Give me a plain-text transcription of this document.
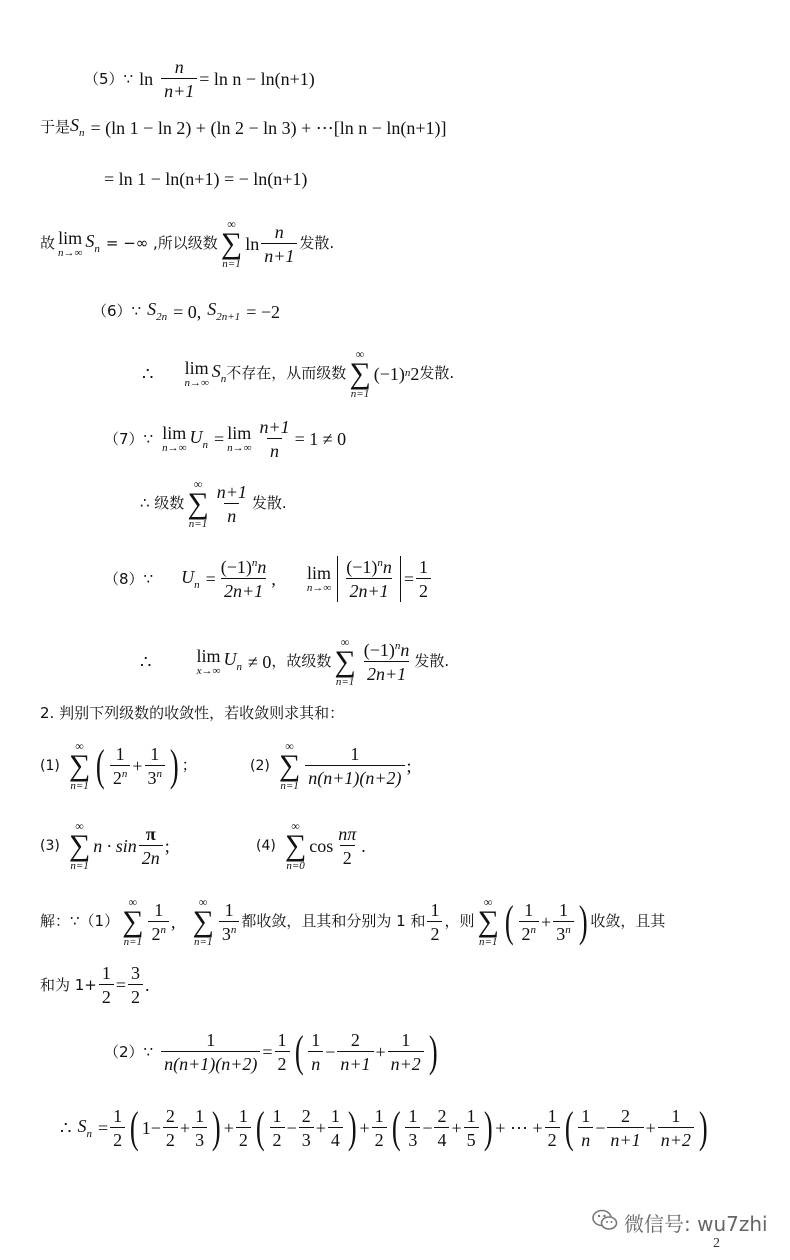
（5）∵ $\ln \frac{n}{n+1} = \ln n - \ln(n+1)$
于是 $S_n = (\ln$ 1 − ln 2) + (ln 2 − ln 3) + ⋯[ln n − ln(n+1)]
= ln 1 − ln(n+1) = − ln(n+1)
故 lim
n→∞
$S_n$ = −∞ ,所以级数
∞
∑
n=1
$\ln \frac{n}{n+1}$ 发散.
（6）∵ $S_{2n} = 0$, $S_{2n+1} = -2$
∴ lim
n→∞
$S_n$ 不存在，从而级数
∞
∑
n=1
(−1) n 2 发散.
（7）∵ lim
n→∞
$U_n = \lim$
$n\to\infty \frac{n+1}{n} = 1 \ne 0$
∴ 级数
∞
∑
$n=1 \frac{n+1}{n}$ 发散.
（8）∵ $U_n = \frac{(-1)^nn}{2n+1}$ , lim
$n\to\infty \frac{(-1)^nn}{2n+1} = \frac{1}{2}$
∴	lim
x→∞
$U_n \ne 0$ ，故级数
∞
∑
$n=1 \frac{(-1)^nn}{2n+1}$ 发散.
2. 判别下列级数的收敛性，若收敛则求其和：
(1)
∞
∑
n=1 ( $\frac{1}{2^n} + \frac{1}{3^n}$ ) ；	(2)
∞
∑
$n=1 \frac{1}{n(n+1)(n+2)}$ ;
(3)
∞
∑
n=1
$n \cdot \sin \frac{\pi}{2n}$ ;	(4)
∞
∑
n=0
$\cos \frac{n\pi}{2}$ .
解：∵（1）
∞
∑
$n=1 \frac{1}{2^n}$ ,
∞
∑
$n=1 \frac{1}{3^n}$ 都收敛，且其和分别为 1 和 $\frac{1}{2}$ ，则
∞
∑
n=1 ( $\frac{1}{2^n} + \frac{1}{3^n}$ ) 收敛，且其
和为 $1+ \frac{1}{2} = \frac{3}{2}$ .
（2）∵ $\frac{1}{n(n+1)(n+2)} = \frac{1}{2}$ ( $\frac{1}{n} - \frac{2}{n+1} + \frac{1}{n+2}$ )
∴ $S_n = \frac{1}{2}$ ( $1- \frac{2}{2} + \frac{1}{3}$ ) + $\frac{1}{2}$ ( $\frac{1}{2} - \frac{2}{3} + \frac{1}{4}$ ) + $\frac{1}{2}$ ( $\frac{1}{3} - \frac{2}{4} + \frac{1}{5}$ ) + ⋯ + $\frac{1}{2}$ ( $\frac{1}{n} - \frac{2}{n+1} + \frac{1}{n+2}$ )
微信号: wu7zhi
2
